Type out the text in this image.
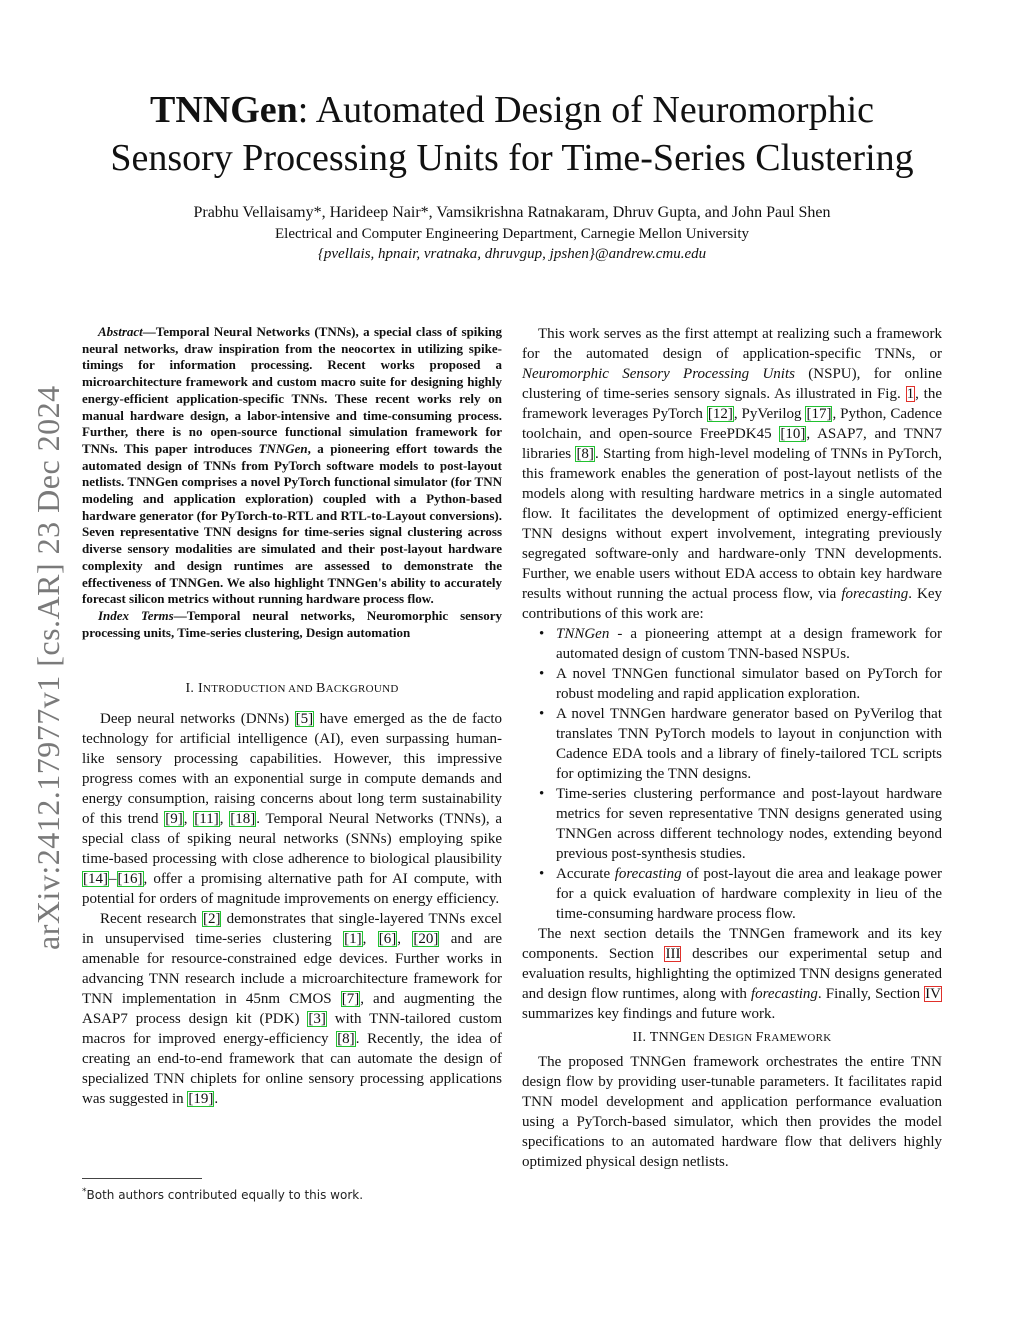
arXiv:2412.17977v1 [cs.AR] 23 Dec 2024
TNNGen: Automated Design of Neuromorphic
Sensory Processing Units for Time-Series Clustering
Prabhu Vellaisamy*, Harideep Nair*, Vamsikrishna Ratnakaram, Dhruv Gupta, and John Paul Shen
Electrical and Computer Engineering Department, Carnegie Mellon University
{pvellais, hpnair, vratnaka, dhruvgup, jpshen}@andrew.cmu.edu

Abstract—Temporal Neural Networks (TNNs), a special class of spiking neural networks, draw inspiration from the neocortex in utilizing spike-timings for information processing. Recent works proposed a microarchitecture framework and custom macro suite for designing highly energy-efficient application-specific TNNs. These recent works rely on manual hardware design, a labor-intensive and time-consuming process. Further, there is no open-source functional simulation framework for TNNs. This paper introduces TNNGen, a pioneering effort towards the automated design of TNNs from PyTorch software models to post-layout netlists. TNNGen comprises a novel PyTorch functional simulator (for TNN modeling and application exploration) coupled with a Python-based hardware generator (for PyTorch-to-RTL and RTL-to-Layout conversions). Seven representative TNN designs for time-series signal clustering across diverse sensory modalities are simulated and their post-layout hardware complexity and design runtimes are assessed to demonstrate the effectiveness of TNNGen. We also highlight TNNGen's ability to accurately forecast silicon metrics without running hardware process flow.

Index Terms—Temporal neural networks, Neuromorphic sensory processing units, Time-series clustering, Design automation

I. INTRODUCTION AND BACKGROUND

Deep neural networks (DNNs) [5] have emerged as the de facto technology for artificial intelligence (AI), even surpassing human-like sensory processing capabilities. However, this impressive progress comes with an exponential surge in compute demands and energy consumption, raising concerns about long term sustainability of this trend [9], [11], [18]. Temporal Neural Networks (TNNs), a special class of spiking neural networks (SNNs) employing spike time-based processing with close adherence to biological plausibility [14]–[16], offer a promising alternative path for AI compute, with potential for orders of magnitude improvements on energy efficiency.

Recent research [2] demonstrates that single-layered TNNs excel in unsupervised time-series clustering [1], [6], [20] and are amenable for resource-constrained edge devices. Further works in advancing TNN research include a microarchitecture framework for TNN implementation in 45nm CMOS [7], and augmenting the ASAP7 process design kit (PDK) [3] with TNN-tailored custom macros for improved energy-efficiency [8]. Recently, the idea of creating an end-to-end framework that can automate the design of specialized TNN chiplets for online sensory processing applications was suggested in [19].

*Both authors contributed equally to this work.

This work serves as the first attempt at realizing such a framework for the automated design of application-specific TNNs, or Neuromorphic Sensory Processing Units (NSPU), for online clustering of time-series sensory signals. As illustrated in Fig. 1, the framework leverages PyTorch [12], PyVerilog [17], Python, Cadence toolchain, and open-source FreePDK45 [10], ASAP7, and TNN7 libraries [8]. Starting from high-level modeling of TNNs in PyTorch, this framework enables the generation of post-layout netlists of the models along with resulting hardware metrics in a single automated flow. It facilitates the development of optimized energy-efficient TNN designs without expert involvement, integrating previously segregated software-only and hardware-only TNN developments. Further, we enable users without EDA access to obtain key hardware results without running the actual process flow, via forecasting. Key contributions of this work are:

• TNNGen - a pioneering attempt at a design framework for automated design of custom TNN-based NSPUs.
• A novel TNNGen functional simulator based on PyTorch for robust modeling and rapid application exploration.
• A novel TNNGen hardware generator based on PyVerilog that translates TNN PyTorch models to layout in conjunction with Cadence EDA tools and a library of finely-tailored TCL scripts for optimizing the TNN designs.
• Time-series clustering performance and post-layout hardware metrics for seven representative TNN designs generated using TNNGen across different technology nodes, extending beyond previous post-synthesis studies.
• Accurate forecasting of post-layout die area and leakage power for a quick evaluation of hardware complexity in lieu of the time-consuming hardware process flow.

The next section details the TNNGen framework and its key components. Section III describes our experimental setup and evaluation results, highlighting the optimized TNN designs generated and design flow runtimes, along with forecasting. Finally, Section IV summarizes key findings and future work.

II. TNNGEN DESIGN FRAMEWORK

The proposed TNNGen framework orchestrates the entire TNN design flow by providing user-tunable parameters. It facilitates rapid TNN model development and application performance evaluation using a PyTorch-based simulator, which then provides the model specifications to an automated hardware flow that delivers highly optimized physical design netlists.
